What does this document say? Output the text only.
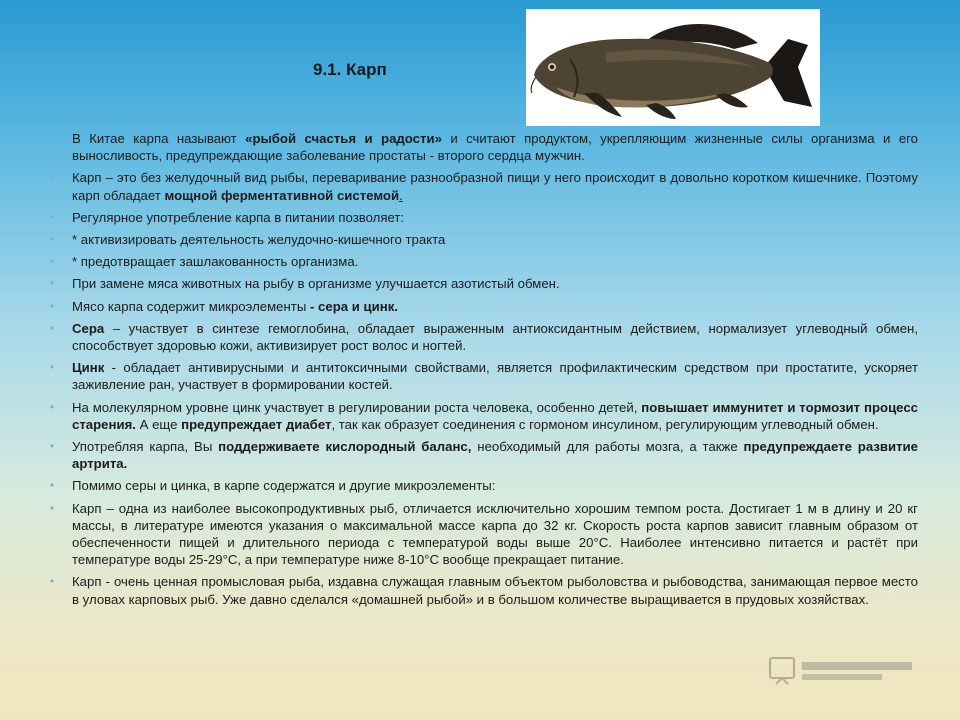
9.1. Карп
• В Китае карпа называют «рыбой счастья и радости» и считают продуктом, укрепляющим жизненные силы организма и его выносливость, предупреждающие заболевание простаты - второго сердца мужчин.
• Карп – это без желудочный вид рыбы, переваривание разнообразной пищи у него происходит в довольно коротком кишечнике. Поэтому карп обладает мощной ферментативной системой.
• Регулярное употребление карпа в питании позволяет:
• * активизировать деятельность желудочно-кишечного тракта
• * предотвращает зашлакованность организма.
• При замене мяса животных на рыбу в организме улучшается азотистый обмен.
• Мясо карпа содержит микроэлементы - сера и цинк.
• Сера – участвует в синтезе гемоглобина, обладает выраженным антиоксидантным действием, нормализует углеводный обмен, способствует здоровью кожи, активизирует рост волос и ногтей.
• Цинк - обладает антивирусными и антитоксичными свойствами, является профилактическим средством при простатите, ускоряет заживление ран, участвует в формировании костей.
• На молекулярном уровне цинк участвует в регулировании роста человека, особенно детей, повышает иммунитет и тормозит процесс старения. А еще предупреждает диабет, так как образует соединения с гормоном инсулином, регулирующим углеводный обмен.
• Употребляя карпа, Вы поддерживаете кислородный баланс, необходимый для работы мозга, а также предупреждаете развитие артрита.
• Помимо серы и цинка, в карпе содержатся и другие микроэлементы:
• Карп – одна из наиболее высокопродуктивных рыб, отличается исключительно хорошим темпом роста. Достигает 1 м в длину и 20 кг массы, в литературе имеются указания о максимальной массе карпа до 32 кг. Скорость роста карпов зависит главным образом от обеспеченности пищей и длительного периода с температурой воды выше 20°С. Наиболее интенсивно питается и растёт при температуре воды 25-29°С, а при температуре ниже 8-10°С вообще прекращает питание.
• Карп - очень ценная промысловая рыба, издавна служащая главным объектом рыболовства и рыбоводства, занимающая первое место в уловах карповых рыб. Уже давно сделался «домашней рыбой» и в большом количестве выращивается в прудовых хозяйствах.
